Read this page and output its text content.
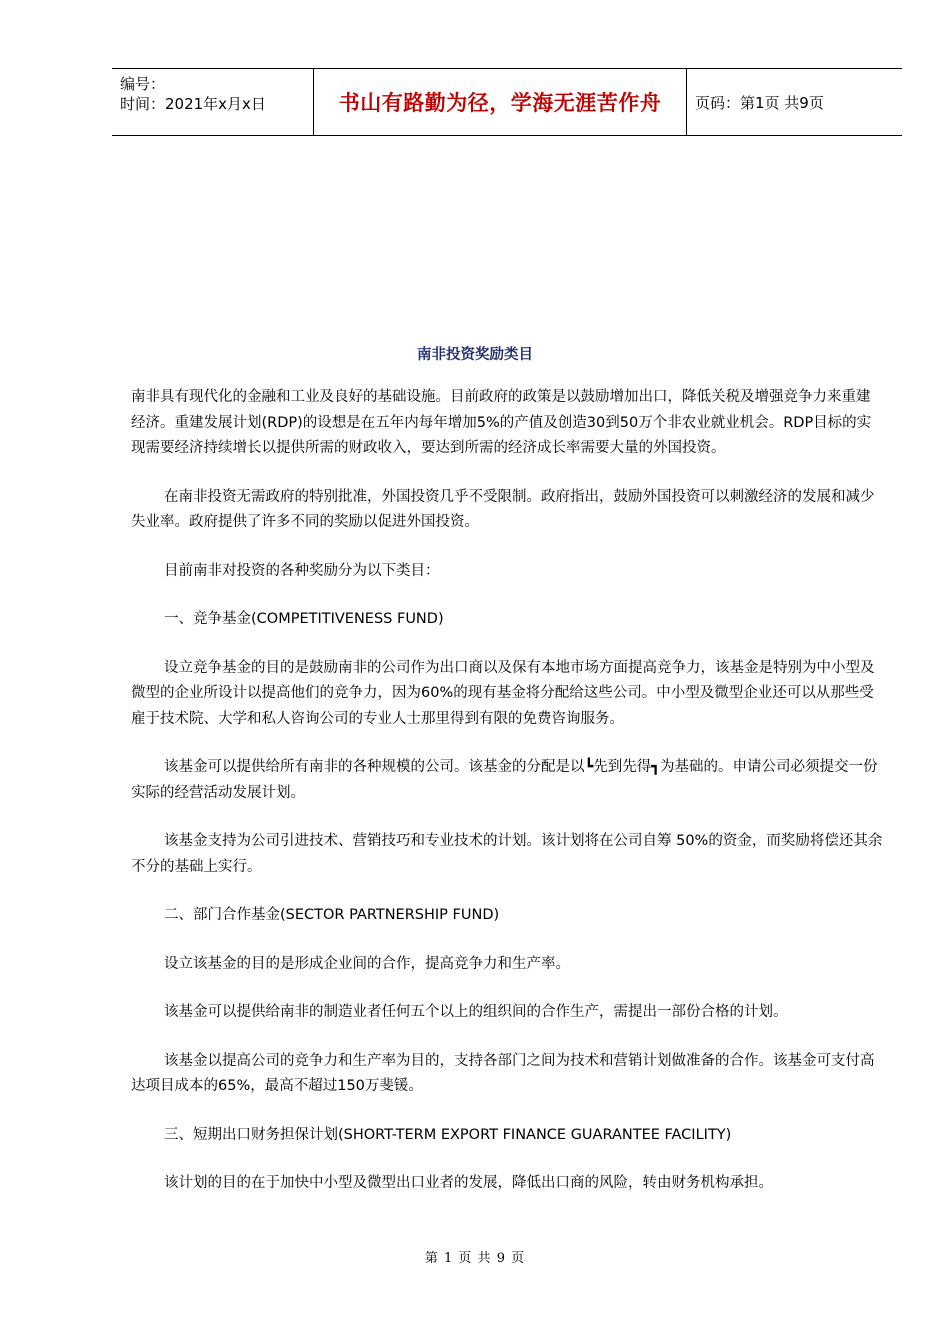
编号：
时间：2021年x月x日	书山有路勤为径，学海无涯苦作舟	页码：第1页 共9页
南非投资奖励类目

南非具有现代化的金融和工业及良好的基础设施。目前政府的政策是以鼓励增加出口，降低关税及增强竞争力来重建经济。重建发展计划(RDP)的设想是在五年内每年增加5%的产值及创造30到50万个非农业就业机会。RDP目标的实现需要经济持续增长以提供所需的财政收入，要达到所需的经济成长率需要大量的外国投资。

在南非投资无需政府的特别批准，外国投资几乎不受限制。政府指出，鼓励外国投资可以刺激经济的发展和减少失业率。政府提供了许多不同的奖励以促进外国投资。

目前南非对投资的各种奖励分为以下类目：

一、竞争基金(COMPETITIVENESS FUND)

设立竞争基金的目的是鼓励南非的公司作为出口商以及保有本地市场方面提高竞争力，该基金是特别为中小型及微型的企业所设计以提高他们的竞争力，因为60%的现有基金将分配给这些公司。中小型及微型企业还可以从那些受雇于技术院、大学和私人咨询公司的专业人士那里得到有限的免费咨询服务。

该基金可以提供给所有南非的各种规模的公司。该基金的分配是以┗先到先得┓为基础的。申请公司必须提交一份实际的经营活动发展计划。

该基金支持为公司引进技术、营销技巧和专业技术的计划。该计划将在公司自筹 50%的资金，而奖励将偿还其余不分的基础上实行。

二、部门合作基金(SECTOR PARTNERSHIP FUND)

设立该基金的目的是形成企业间的合作，提高竞争力和生产率。

该基金可以提供给南非的制造业者任何五个以上的组织间的合作生产，需提出一部份合格的计划。

该基金以提高公司的竞争力和生产率为目的，支持各部门之间为技术和营销计划做准备的合作。该基金可支付高达项目成本的65%，最高不超过150万斐锾。

三、短期出口财务担保计划(SHORT-TERM EXPORT FINANCE GUARANTEE FACILITY)

该计划的目的在于加快中小型及微型出口业者的发展，降低出口商的风险，转由财务机构承担。

第 1 页 共 9 页
